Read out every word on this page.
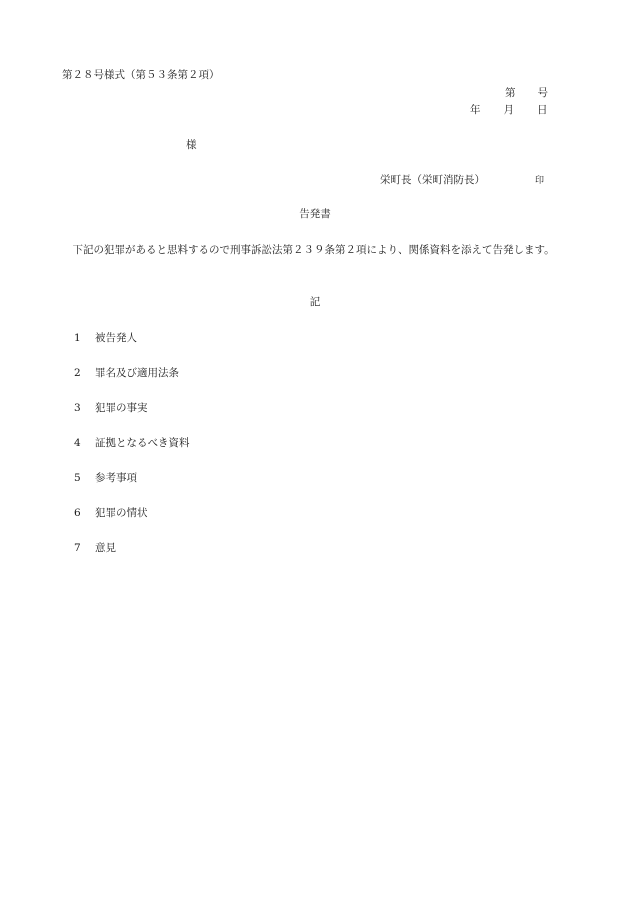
第２８号様式（第５３条第２項）
第 号
年 月 日
様
栄町長（栄町消防長）	印
告発書
下記の犯罪があると思料するので刑事訴訟法第２３９条第２項により、関係資料を添えて告発します。
記
1 被告発人
2 罪名及び適用法条
3 犯罪の事実
4 証拠となるべき資料
5 参考事項
6 犯罪の情状
7 意見
